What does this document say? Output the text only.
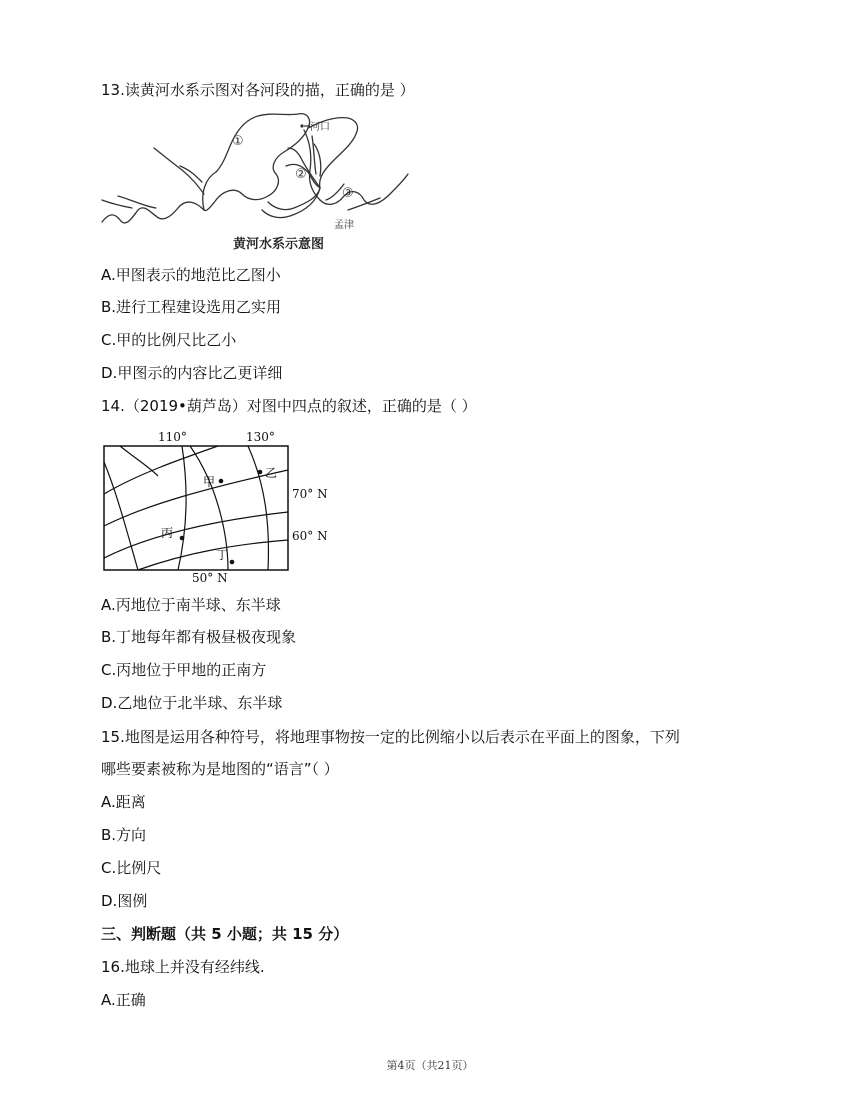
13.读黄河水系示图对各河段的描，正确的是 ）
①
②
③
河口
孟津
黄河水系示意图
A.甲图表示的地范比乙图小
B.进行工程建设选用乙实用
C.甲的比例尺比乙小
D.甲图示的内容比乙更详细
14.（2019•葫芦岛）对图中四点的叙述，正确的是（ ）
110°	130°
70° N
60° N
50° N
甲
乙
丙
丁
A.丙地位于南半球、东半球
B.丁地每年都有极昼极夜现象
C.丙地位于甲地的正南方
D.乙地位于北半球、东半球
15.地图是运用各种符号，将地理事物按一定的比例缩小以后表示在平面上的图象，下列
哪些要素被称为是地图的“语言”（ ）
A.距离
B.方向
C.比例尺
D.图例
三、判断题（共 5 小题；共 15 分）
16.地球上并没有经纬线.
A.正确
第4页（共21页）
